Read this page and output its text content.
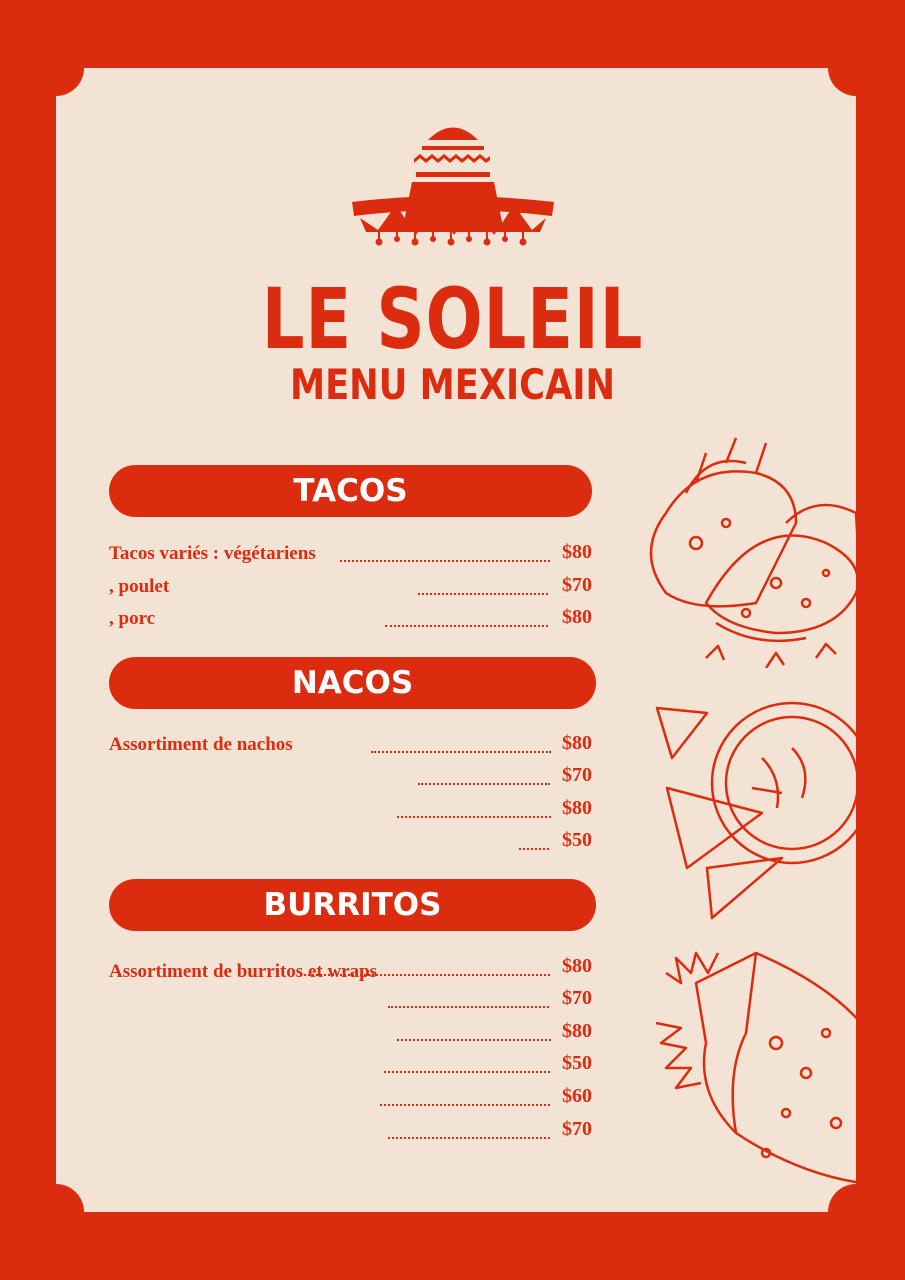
LE SOLEIL
MENU MEXICAIN
TACOS
Tacos variés : végétariens	$80
, poulet	$70
, porc	$80
NACOS
Assortiment de nachos	$80
$70
$80
$50
BURRITOS
Assortiment de burritos et wraps	$80
$70
$80
$50
$60
$70
